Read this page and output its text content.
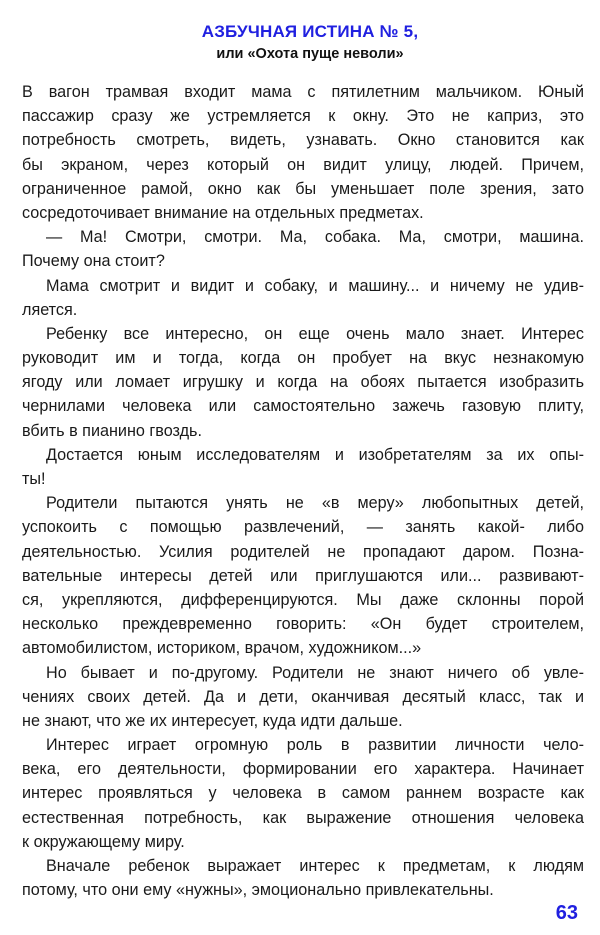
АЗБУЧНАЯ ИСТИНА № 5,
или «Охота пуще неволи»
В вагон трамвая входит мама с пятилетним мальчиком. Юный
пассажир сразу же устремляется к окну. Это не каприз, это
потребность смотреть, видеть, узнавать. Окно становится как
бы экраном, через который он видит улицу, людей. Причем,
ограниченное рамой, окно как бы уменьшает поле зрения, зато
сосредоточивает внимание на отдельных предметах.
— Ма! Смотри, смотри. Ма, собака. Ма, смотри, машина.
Почему она стоит?
Мама смотрит и видит и собаку, и машину... и ничему не удив-
ляется.
Ребенку все интересно, он еще очень мало знает. Интерес
руководит им и тогда, когда он пробует на вкус незнакомую
ягоду или ломает игрушку и когда на обоях пытается изобразить
чернилами человека или самостоятельно зажечь газовую плиту,
вбить в пианино гвоздь.
Достается юным исследователям и изобретателям за их опы-
ты!
Родители пытаются унять не «в меру» любопытных детей,
успокоить с помощью развлечений, — занять какой- либо
деятельностью. Усилия родителей не пропадают даром. Позна-
вательные интересы детей или приглушаются или... развивают-
ся, укрепляются, дифференцируются. Мы даже склонны порой
несколько преждевременно говорить: «Он будет строителем,
автомобилистом, историком, врачом, художником...»
Но бывает и по-другому. Родители не знают ничего об увле-
чениях своих детей. Да и дети, оканчивая десятый класс, так и
не знают, что же их интересует, куда идти дальше.
Интерес играет огромную роль в развитии личности чело-
века, его деятельности, формировании его характера. Начинает
интерес проявляться у человека в самом раннем возрасте как
естественная потребность, как выражение отношения человека
к окружающему миру.
Вначале ребенок выражает интерес к предметам, к людям
потому, что они ему «нужны», эмоционально привлекательны.
63
